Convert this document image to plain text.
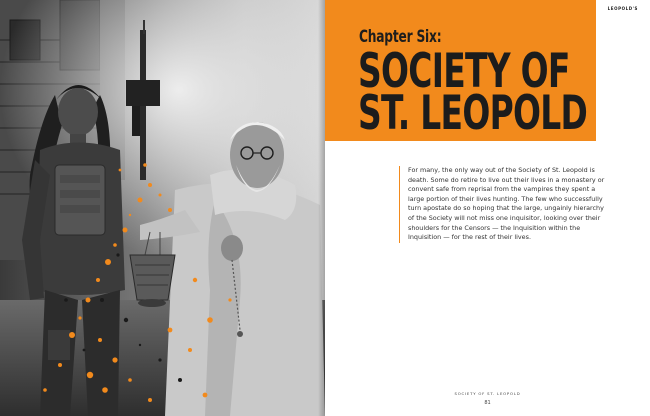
LEOPOLD'S
Chapter Six:
SOCIETY OF
ST. LEOPOLD
For many, the only way out of the Society of St. Leopold is death. Some do retire to live out their lives in a monastery or convent safe from reprisal from the vampires they spent a large portion of their lives hunting. The few who successfully turn apostate do so hoping that the large, ungainly hierarchy of the Society will not miss one inquisitor, looking over their shoulders for the Censors — the Inquisition within the Inquisition — for the rest of their lives.
SOCIETY OF ST. LEOPOLD
81
